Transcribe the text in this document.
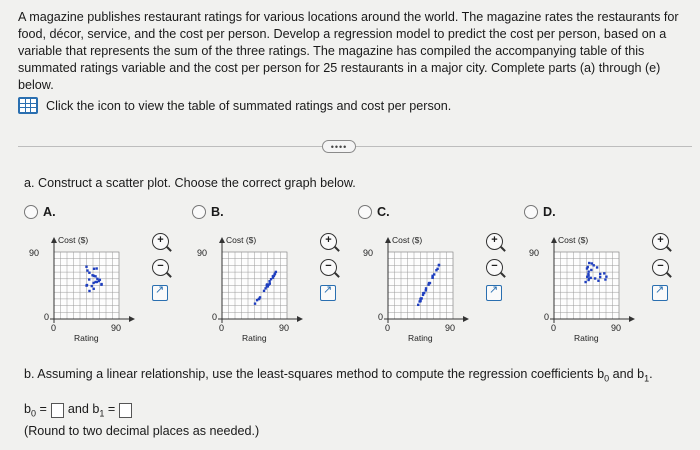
A magazine publishes restaurant ratings for various locations around the world. The magazine rates the restaurants for food, décor, service, and the cost per person. Develop a regression model to predict the cost per person, based on a variable that represents the sum of the three ratings. The magazine has compiled the accompanying table of this summated ratings variable and the cost per person for 25 restaurants in a major city. Complete parts (a) through (e) below.
Click the icon to view the table of summated ratings and cost per person.
••••
a. Construct a scatter plot. Choose the correct graph below.
A.
Cost ($)
90
0
0	90
Rating
+
−
↗
B.
Cost ($)
90
0
0	90
Rating
+
−
↗
C.
Cost ($)
90
0
0	90
Rating
+
−
↗
D.
Cost ($)
90
0
0	90
Rating
+
−
↗
b. Assuming a linear relationship, use the least-squares method to compute the regression coefficients $b_0$ and $b_1$.
$b_0$ = and $b_1$ =
(Round to two decimal places as needed.)
